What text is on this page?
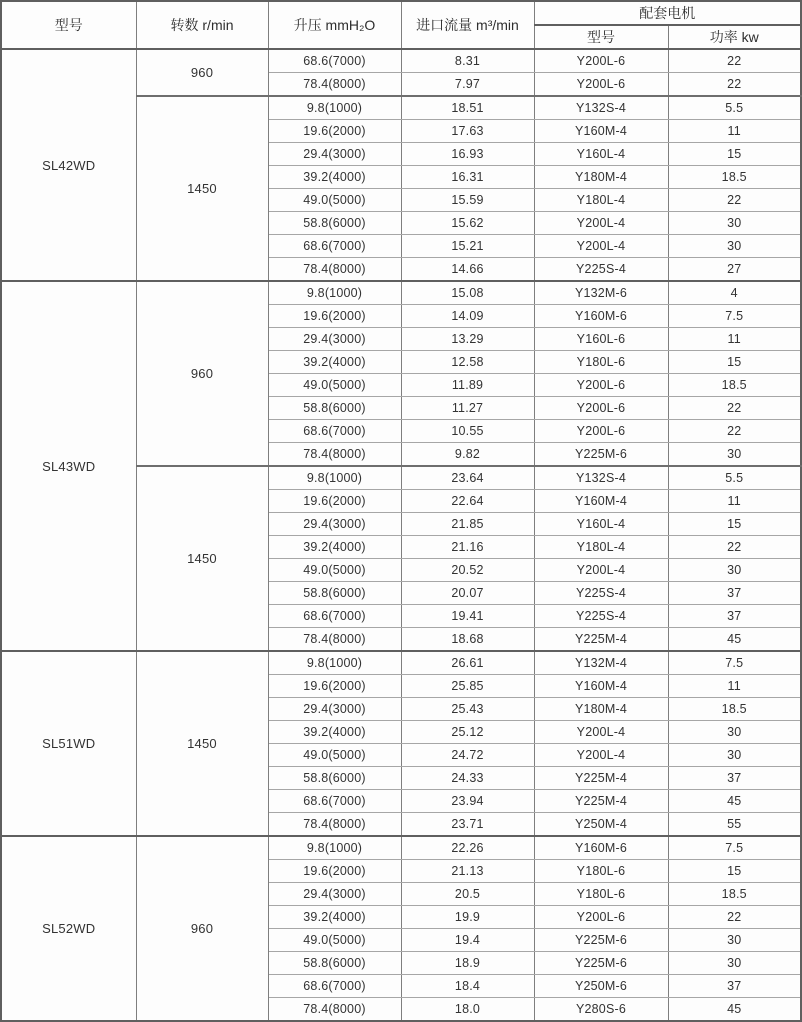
型号	转数 r/min	升压 mmH₂O	进口流量 m³/min	配套电机	
				型号	功率 kw
SL42WD	960	68.6(7000)	8.31	Y200L-6	22
		78.4(8000)	7.97	Y200L-6	22
	1450	9.8(1000)	18.51	Y132S-4	5.5
		19.6(2000)	17.63	Y160M-4	11
		29.4(3000)	16.93	Y160L-4	15
		39.2(4000)	16.31	Y180M-4	18.5
		49.0(5000)	15.59	Y180L-4	22
		58.8(6000)	15.62	Y200L-4	30
		68.6(7000)	15.21	Y200L-4	30
		78.4(8000)	14.66	Y225S-4	27
SL43WD	960	9.8(1000)	15.08	Y132M-6	4
		19.6(2000)	14.09	Y160M-6	7.5
		29.4(3000)	13.29	Y160L-6	11
		39.2(4000)	12.58	Y180L-6	15
		49.0(5000)	11.89	Y200L-6	18.5
		58.8(6000)	11.27	Y200L-6	22
		68.6(7000)	10.55	Y200L-6	22
		78.4(8000)	9.82	Y225M-6	30
	1450	9.8(1000)	23.64	Y132S-4	5.5
		19.6(2000)	22.64	Y160M-4	11
		29.4(3000)	21.85	Y160L-4	15
		39.2(4000)	21.16	Y180L-4	22
		49.0(5000)	20.52	Y200L-4	30
		58.8(6000)	20.07	Y225S-4	37
		68.6(7000)	19.41	Y225S-4	37
		78.4(8000)	18.68	Y225M-4	45
SL51WD	1450	9.8(1000)	26.61	Y132M-4	7.5
		19.6(2000)	25.85	Y160M-4	11
		29.4(3000)	25.43	Y180M-4	18.5
		39.2(4000)	25.12	Y200L-4	30
		49.0(5000)	24.72	Y200L-4	30
		58.8(6000)	24.33	Y225M-4	37
		68.6(7000)	23.94	Y225M-4	45
		78.4(8000)	23.71	Y250M-4	55
SL52WD	960	9.8(1000)	22.26	Y160M-6	7.5
		19.6(2000)	21.13	Y180L-6	15
		29.4(3000)	20.5	Y180L-6	18.5
		39.2(4000)	19.9	Y200L-6	22
		49.0(5000)	19.4	Y225M-6	30
		58.8(6000)	18.9	Y225M-6	30
		68.6(7000)	18.4	Y250M-6	37
		78.4(8000)	18.0	Y280S-6	45
